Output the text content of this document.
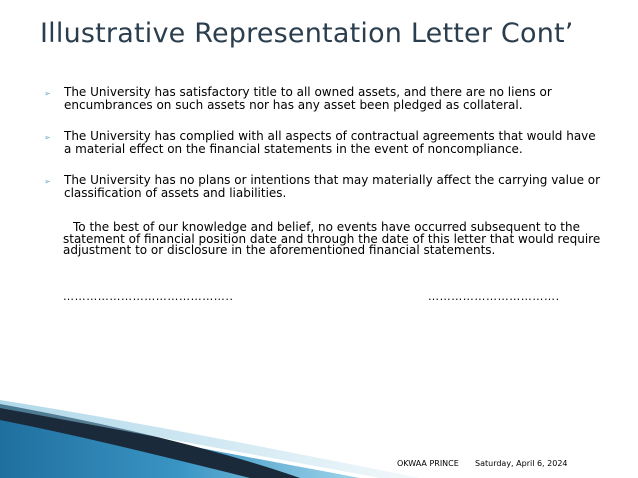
Illustrative Representation Letter Cont’
➢ The University has satisfactory title to all owned assets, and there are no liens or encumbrances on such assets nor has any asset been pledged as collateral.
➢ The University has complied with all aspects of contractual agreements that would have a material effect on the financial statements in the event of noncompliance.
➢ The University has no plans or intentions that may materially affect the carrying value or classification of assets and liabilities.
To the best of our knowledge and belief, no events have occurred subsequent to the statement of financial position date and through the date of this letter that would require adjustment to or disclosure in the aforementioned financial statements.
……………………………………..	…………………………….
OKWAA PRINCE Saturday, April 6, 2024
